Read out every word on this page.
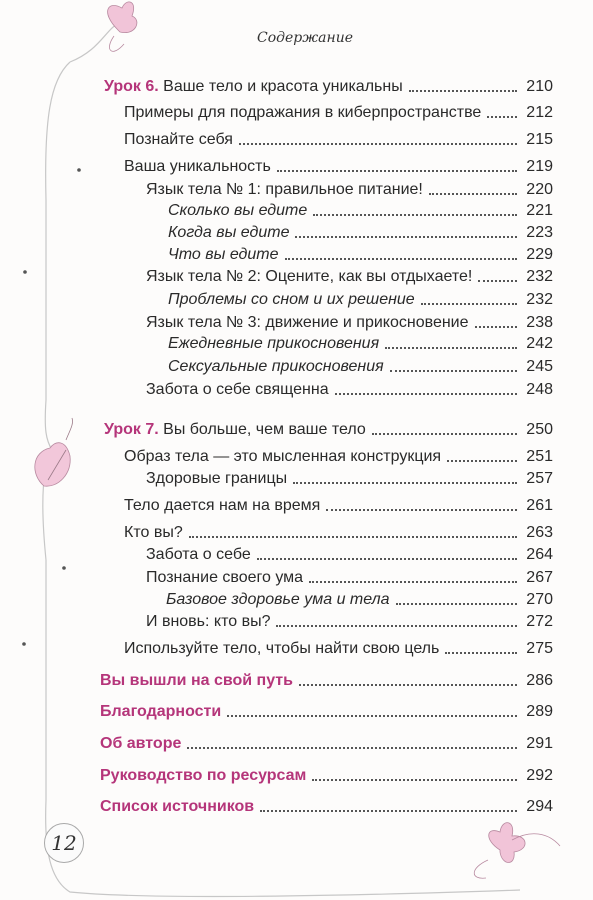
Содержание
Урок 6. Ваше тело и красота уникальны	210
Примеры для подражания в киберпространстве	212
Познайте себя	215
Ваша уникальность	219
Язык тела № 1: правильное питание!	220
Сколько вы едите	221
Когда вы едите	223
Что вы едите	229
Язык тела № 2: Оцените, как вы отдыхаете!	232
Проблемы со сном и их решение	232
Язык тела № 3: движение и прикосновение	238
Ежедневные прикосновения	242
Сексуальные прикосновения	245
Забота о себе священна	248
Урок 7. Вы больше, чем ваше тело	250
Образ тела — это мысленная конструкция	251
Здоровые границы	257
Тело дается нам на время	261
Кто вы?	263
Забота о себе	264
Познание своего ума	267
Базовое здоровье ума и тела	270
И вновь: кто вы?	272
Используйте тело, чтобы найти свою цель	275
Вы вышли на свой путь	286
Благодарности	289
Об авторе	291
Руководство по ресурсам	292
Список источников	294
12
